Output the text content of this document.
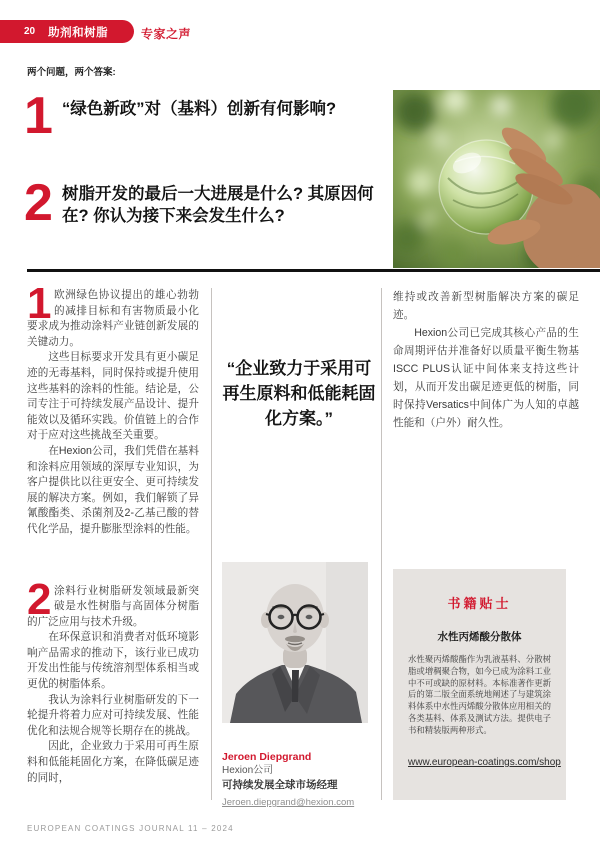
20 助剂和树脂	专家之声
两个问题，两个答案:
1 “绿色新政”对（基料）创新有何影响?
2 树脂开发的最后一大进展是什么? 其原因何在? 你认为接下来会发生什么?

1 欧洲绿色协议提出的雄心勃勃的减排目标和有害物质最小化要求成为推动涂料产业链创新发展的关键动力。

这些目标要求开发具有更小碳足迹的无毒基料，同时保持或提升使用这些基料的涂料的性能。结论是，公司专注于可持续发展产品设计、提升能效以及循环实践。价值链上的合作对于应对这些挑战至关重要。

在Hexion公司，我们凭借在基料和涂料应用领域的深厚专业知识，为客户提供比以往更安全、更可持续发展的解决方案。例如，我们解锁了异氰酸酯类、杀菌剂及2-乙基己酸的替代化学品，提升膨胀型涂料的性能。

2 涂料行业树脂研发领域最新突破是水性树脂与高固体分树脂的广泛应用与技术升级。

在环保意识和消费者对低环境影响产品需求的推动下，该行业已成功开发出性能与传统溶剂型体系相当或更优的树脂体系。

我认为涂料行业树脂研发的下一轮提升将着力应对可持续发展、性能优化和法规合规等长期存在的挑战。

因此，企业致力于采用可再生原料和低能耗固化方案，在降低碳足迹的同时，

“企业致力于采用可再生原料和低能耗固化方案。”
Jeroen Diepgrand
Hexion公司
可持续发展全球市场经理
Jeroen.diepgrand@hexion.com

维持或改善新型树脂解决方案的碳足迹。

Hexion公司已完成其核心产品的生命周期评估并准备好以质量平衡生物基ISCC PLUS认证中间体来支持这些计划，从而开发出碳足迹更低的树脂，同时保持Versatics中间体广为人知的卓越性能和（户外）耐久性。

书籍贴士
水性丙烯酸分散体
水性聚丙烯酸酯作为乳液基料、分散树脂或增稠聚合物，如今已成为涂料工业中不可或缺的原材料。本标准著作更新后的第二版全面系统地阐述了与建筑涂料体系中水性丙烯酸分散体应用相关的各类基料、体系及测试方法。提供电子书和精装版两种形式。
www.european-coatings.com/shop
EUROPEAN COATINGS JOURNAL 11 – 2024
